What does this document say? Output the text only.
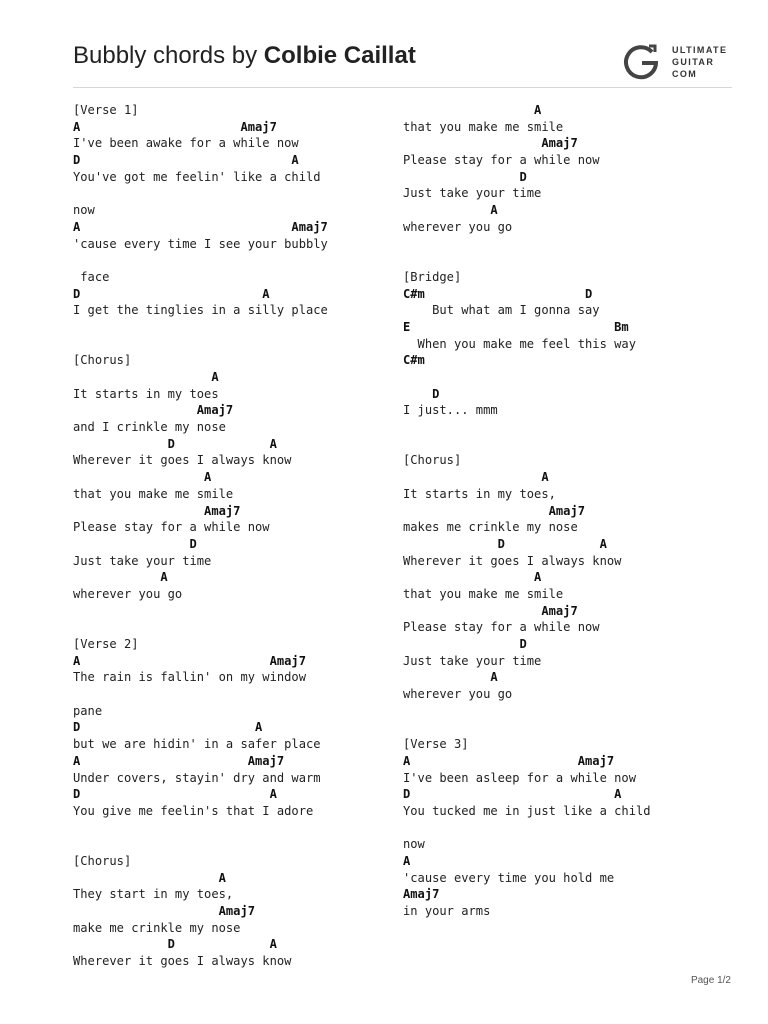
Bubbly chords by Colbie Caillat	ULTIMATE
GUITAR
COM
[Verse 1]
A                      Amaj7
I've been awake for a while now
D                             A
You've got me feelin' like a child
now
A                             Amaj7
'cause every time I see your bubbly
face
D                         A
I get the tinglies in a silly place
[Chorus]
A
It starts in my toes
Amaj7
and I crinkle my nose
D             A
Wherever it goes I always know
A
that you make me smile
Amaj7
Please stay for a while now
D
Just take your time
A
wherever you go
[Verse 2]
A                          Amaj7
The rain is fallin' on my window
pane
D                        A
but we are hidin' in a safer place
A                       Amaj7
Under covers, stayin' dry and warm
D                          A
You give me feelin's that I adore
[Chorus]
A
They start in my toes,
Amaj7
make me crinkle my nose
D             A
Wherever it goes I always know
A
that you make me smile
Amaj7
Please stay for a while now
D
Just take your time
A
wherever you go
[Bridge]
C#m                      D
But what am I gonna say
E                            Bm
When you make me feel this way
C#m
D
I just... mmm
[Chorus]
A
It starts in my toes,
Amaj7
makes me crinkle my nose
D             A
Wherever it goes I always know
A
that you make me smile
Amaj7
Please stay for a while now
D
Just take your time
A
wherever you go
[Verse 3]
A                       Amaj7
I've been asleep for a while now
D                            A
You tucked me in just like a child
now
A
'cause every time you hold me
Amaj7
in your arms
Page 1/2
